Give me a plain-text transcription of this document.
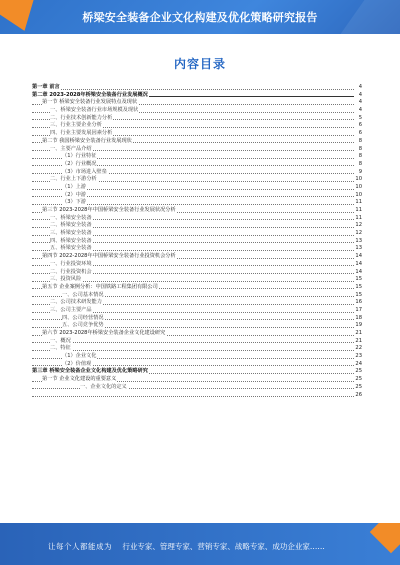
桥梁安全装备企业文化构建及优化策略研究报告
内容目录
第一章 前言	4
第二章 2023-2028年桥梁安全装备行业发展概况	4
第一节 桥梁安全装备行业发展特点及现状	4
一、桥梁安全装备行业市场规模及现状	4
二、行业技术创新能力分析	5
三、行业主要企业分析	6
四、行业主要发展因素分析	6
第二节 我国桥梁安全装备行业发展现状	8
一、主要产品介绍	8
（1）行业特征	8
（2）行业概况	8
（3）市场进入壁垒	9
二、行业上下游分析	10
（1）上游	10
（2）中游	10
（3）下游	11
第三节 2023-2028年中国桥梁安全装备行业发展状况分析	11
一、桥梁安全装备	11
二、桥梁安全装备	12
三、桥梁安全装备	12
四、桥梁安全装备	13
五、桥梁安全装备	13
第四节 2022-2028年中国桥梁安全装备行业投资机会分析	14
一、行业投资环境	14
二、行业投资机会	14
三、投资风险	15
第五节 企业案例分析：中国铁路工程集团有限公司	15
一、公司基本情况	15
二、公司技术研发能力	16
三、公司主要产品	17
四、公司经营情况	18
五、公司竞争优势	19
第六节 2023-2028年桥梁安全装备企业文化建设研究	21
一、概况	21
二、特征	22
（1）企业文化	23
（2）价值观	24
第三章 桥梁安全装备企业文化构建及优化策略研究	25
第一节 企业文化建设的重要意义	25
一、企业文化的定义	25
26
让每个人都能成为 行业专家、管理专家、营销专家、战略专家、成功企业家……
